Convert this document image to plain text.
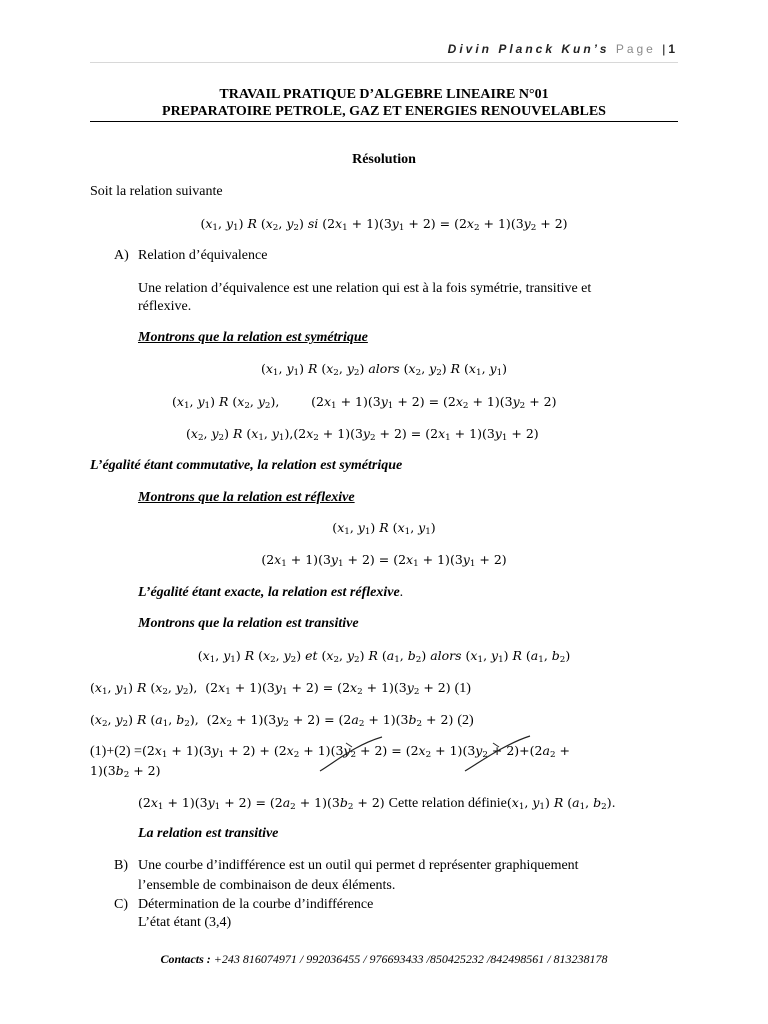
Divin Planck Kun’s Page |1
TRAVAIL PRATIQUE D’ALGEBRE LINEAIRE N°01
PREPARATOIRE PETROLE, GAZ ET ENERGIES RENOUVELABLES
Résolution
Soit la relation suivante
($x_1$, $y_1$) R ($x_2$, $y_2$) si $(2x_1 + 1)(3y_1 + 2) = (2x_2 + 1)(3y_2 + 2)$
A) Relation d’équivalence
Une relation d’équivalence est une relation qui est à la fois symétrie, transitive et
réflexive.
Montrons que la relation est symétrique
($x_1$, $y_1$) R ($x_2$, $y_2$) alors ($x_2$, $y_2$) R ($x_1$, $y_1$)
($x_1$, $y_1$) R ($x_2$, $y_2$),        $(2x_1 + 1)(3y_1 + 2) = (2x_2 + 1)(3y_2 + 2)$
($x_2$, $y_2$) R ($x_1$, $y_1),(2x_2 + 1)(3y_2 + 2) = (2x_1 + 1)(3y_1 + 2)$
L’égalité étant commutative, la relation est symétrique
Montrons que la relation est réflexive
($x_1$, $y_1$) R ($x_1$, $y_1$)
$(2x_1 + 1)(3y_1 + 2) = (2x_1 + 1)(3y_1 + 2)$
L’égalité étant exacte, la relation est réflexive.
Montrons que la relation est transitive
($x_1$, $y_1$) R ($x_2$, $y_2$) et ($x_2$, $y_2$) R ($a_1$, $b_2$) alors ($x_1$, $y_1$) R ($a_1$, $b_2$)
($x_1$, $y_1$) R ($x_2$, $y_2$),  $(2x_1 + 1)(3y_1 + 2) = (2x_2 + 1)(3y_2 + 2)$ (1)
($x_2$, $y_2$) R ($a_1$, $b_2$),  $(2x_2 + 1)(3y_2 + 2) = (2a_2 + 1)(3b_2 + 2)$ (2)
$(1)+(2) =(2x_1 + 1)(3y_1 + 2) + (2x_2 + 1)(3y_2 + 2) = (2x_2 + 1)(3y_2 + 2)+(2a_2$ +
$1)(3b_2 + 2)$
$(2x_1 + 1)(3y_1 + 2) = (2a_2 + 1)(3b_2 + 2)$ Cette relation $définie(x_1$, $y_1$) R ($a_1$, $b_2$).
La relation est transitive
B) Une courbe d’indifférence est un outil qui permet d représenter graphiquement
l’ensemble de combinaison de deux éléments.
C) Détermination de la courbe d’indifférence
L’état étant (3,4)
Contacts : +243 816074971 / 992036455 / 976693433 /850425232 /842498561 / 813238178
